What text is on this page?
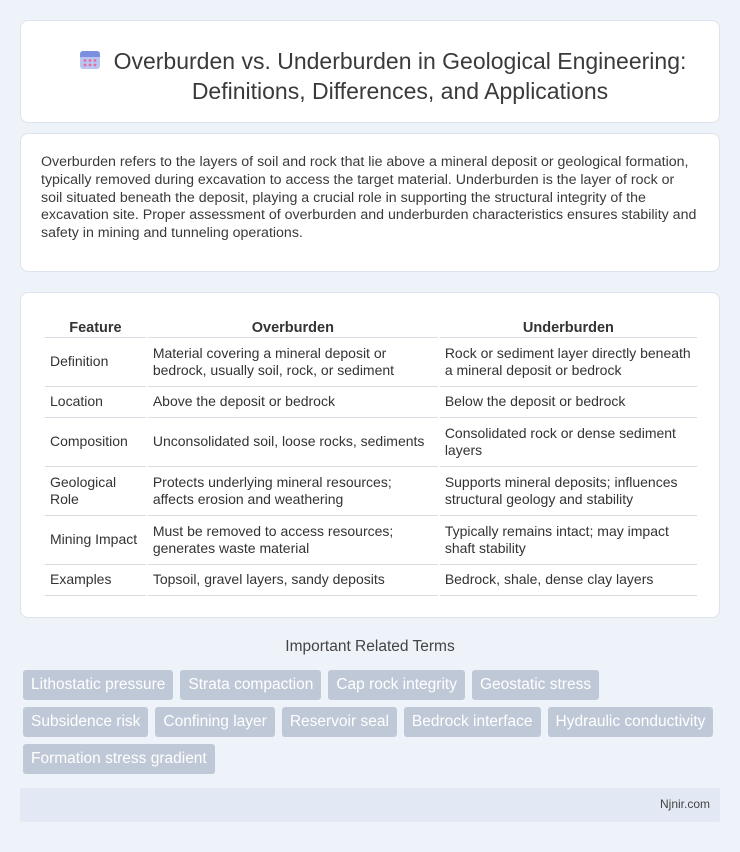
Overburden vs. Underburden in Geological Engineering: Definitions, Differences, and Applications

Overburden refers to the layers of soil and rock that lie above a mineral deposit or geological formation, typically removed during excavation to access the target material. Underburden is the layer of rock or soil situated beneath the deposit, playing a crucial role in supporting the structural integrity of the excavation site. Proper assessment of overburden and underburden characteristics ensures stability and safety in mining and tunneling operations.

Feature	Overburden	Underburden
Definition	Material covering a mineral deposit or bedrock, usually soil, rock, or sediment	Rock or sediment layer directly beneath a mineral deposit or bedrock
Location	Above the deposit or bedrock	Below the deposit or bedrock
Composition	Unconsolidated soil, loose rocks, sediments	Consolidated rock or dense sediment layers
Geological Role	Protects underlying mineral resources; affects erosion and weathering	Supports mineral deposits; influences structural geology and stability
Mining Impact	Must be removed to access resources; generates waste material	Typically remains intact; may impact shaft stability
Examples	Topsoil, gravel layers, sandy deposits	Bedrock, shale, dense clay layers
Important Related Terms
Lithostatic pressure	Strata compaction	Cap rock integrity	Geostatic stress
Subsidence risk	Confining layer	Reservoir seal	Bedrock interface	Hydraulic conductivity
Formation stress gradient
Njnir.com
